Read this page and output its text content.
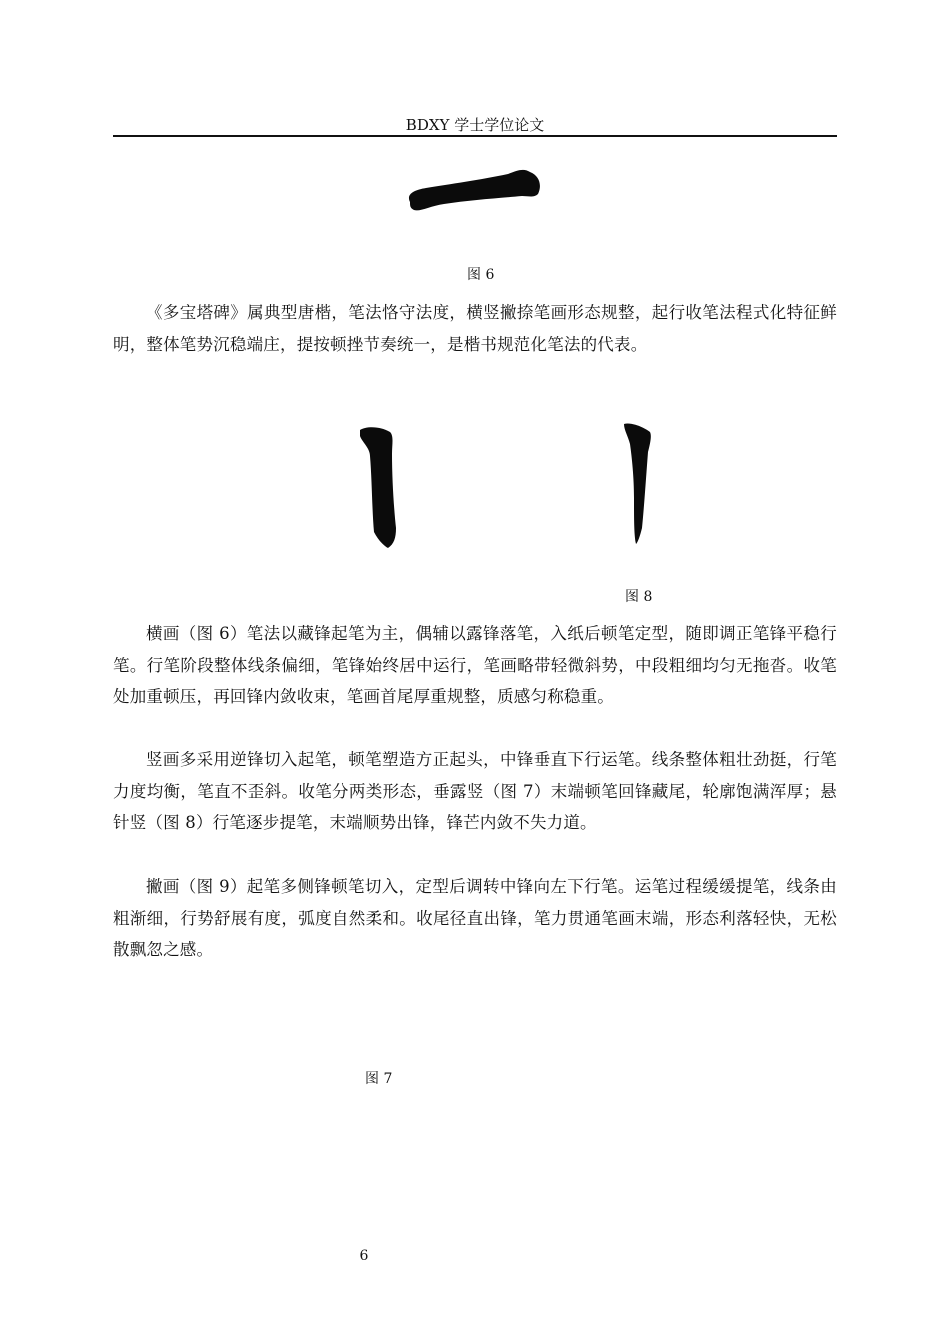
BDXY 学士学位论文
图 6

《多宝塔碑》属典型唐楷，笔法恪守法度，横竖撇捺笔画形态规整，起行收笔法程式化特征鲜明，整体笔势沉稳端庄，提按顿挫节奏统一，是楷书规范化笔法的代表。

图 8

横画（图 6）笔法以藏锋起笔为主，偶辅以露锋落笔，入纸后顿笔定型，随即调正笔锋平稳行笔。行笔阶段整体线条偏细，笔锋始终居中运行，笔画略带轻微斜势，中段粗细均匀无拖沓。收笔处加重顿压，再回锋内敛收束，笔画首尾厚重规整，质感匀称稳重。

竖画多采用逆锋切入起笔，顿笔塑造方正起头，中锋垂直下行运笔。线条整体粗壮劲挺，行笔力度均衡，笔直不歪斜。收笔分两类形态，垂露竖（图 7）末端顿笔回锋藏尾，轮廓饱满浑厚；悬针竖（图 8）行笔逐步提笔，末端顺势出锋，锋芒内敛不失力道。

撇画（图 9）起笔多侧锋顿笔切入，定型后调转中锋向左下行笔。运笔过程缓缓提笔，线条由粗渐细，行势舒展有度，弧度自然柔和。收尾径直出锋，笔力贯通笔画末端，形态利落轻快，无松散飘忽之感。

图 7
6
